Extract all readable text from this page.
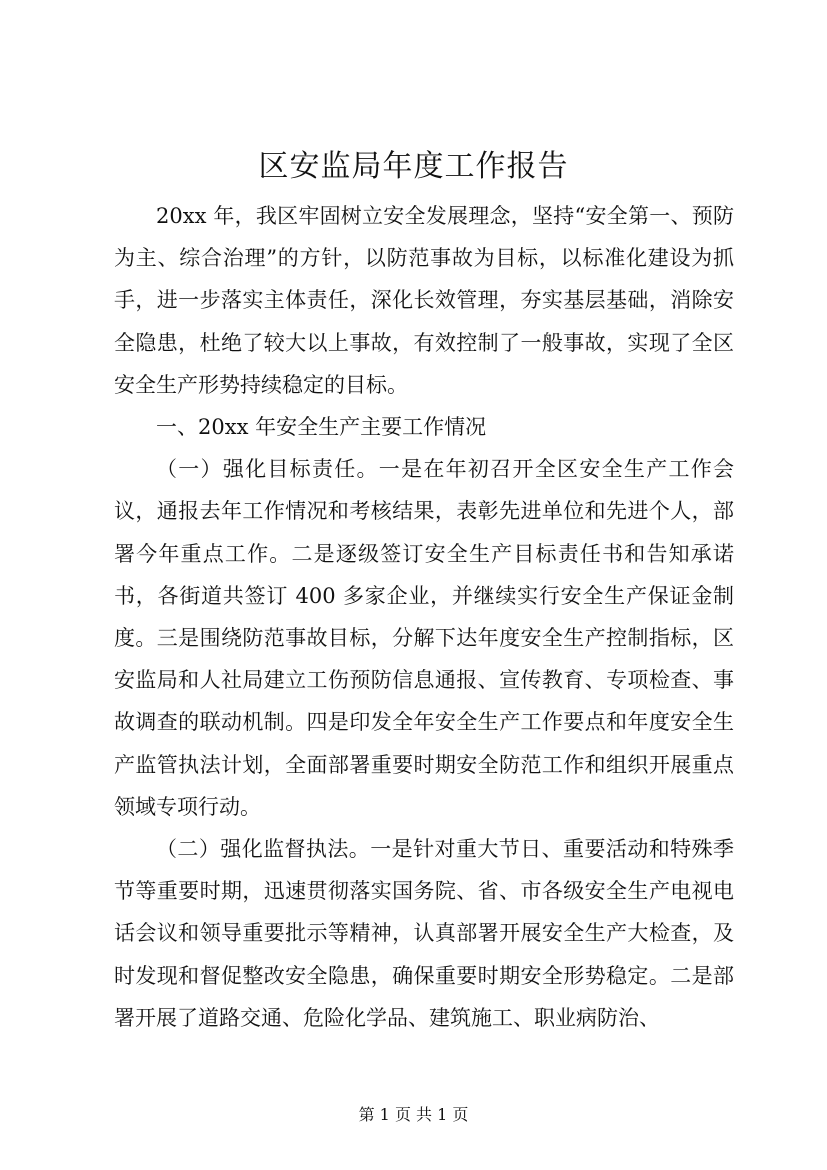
区安监局年度工作报告

20xx 年，我区牢固树立安全发展理念，坚持“安全第一、预防为主、综合治理”的方针，以防范事故为目标，以标准化建设为抓手，进一步落实主体责任，深化长效管理，夯实基层基础，消除安全隐患，杜绝了较大以上事故，有效控制了一般事故，实现了全区安全生产形势持续稳定的目标。

一、20xx 年安全生产主要工作情况

（一）强化目标责任。一是在年初召开全区安全生产工作会议，通报去年工作情况和考核结果，表彰先进单位和先进个人，部署今年重点工作。二是逐级签订安全生产目标责任书和告知承诺书，各街道共签订 400 多家企业，并继续实行安全生产保证金制度。三是围绕防范事故目标，分解下达年度安全生产控制指标，区安监局和人社局建立工伤预防信息通报、宣传教育、专项检查、事故调查的联动机制。四是印发全年安全生产工作要点和年度安全生产监管执法计划，全面部署重要时期安全防范工作和组织开展重点领域专项行动。

（二）强化监督执法。一是针对重大节日、重要活动和特殊季节等重要时期，迅速贯彻落实国务院、省、市各级安全生产电视电话会议和领导重要批示等精神，认真部署开展安全生产大检查，及时发现和督促整改安全隐患，确保重要时期安全形势稳定。二是部署开展了道路交通、危险化学品、建筑施工、职业病防治、

第 1 页 共 1 页
